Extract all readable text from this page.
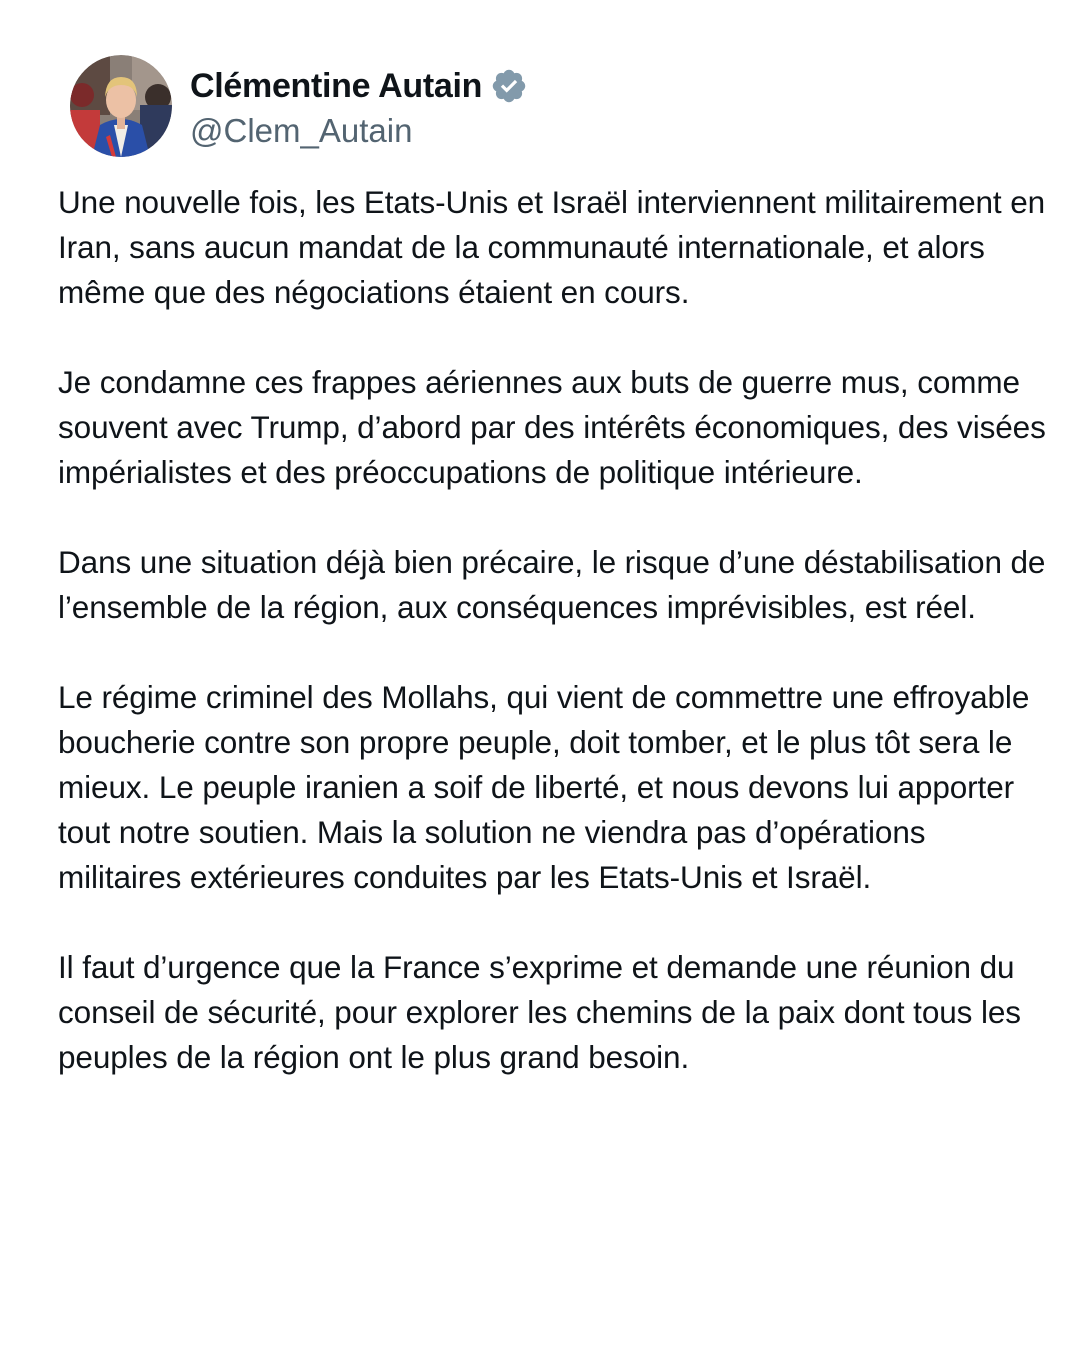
Clémentine Autain
@Clem_Autain

Une nouvelle fois, les Etats-Unis et Israël interviennent militairement en Iran, sans aucun mandat de la communauté internationale, et alors même que des négociations étaient en cours.

Je condamne ces frappes aériennes aux buts de guerre mus, comme souvent avec Trump, d’abord par des intérêts économiques, des visées impérialistes et des préoccupations de politique intérieure.

Dans une situation déjà bien précaire, le risque d’une déstabilisation de l’ensemble de la région, aux conséquences imprévisibles, est réel.

Le régime criminel des Mollahs, qui vient de commettre une effroyable boucherie contre son propre peuple, doit tomber, et le plus tôt sera le mieux. Le peuple iranien a soif de liberté, et nous devons lui apporter tout notre soutien. Mais la solution ne viendra pas d’opérations militaires extérieures conduites par les Etats-Unis et Israël.

Il faut d’urgence que la France s’exprime et demande une réunion du conseil de sécurité, pour explorer les chemins de la paix dont tous les peuples de la région ont le plus grand besoin.
